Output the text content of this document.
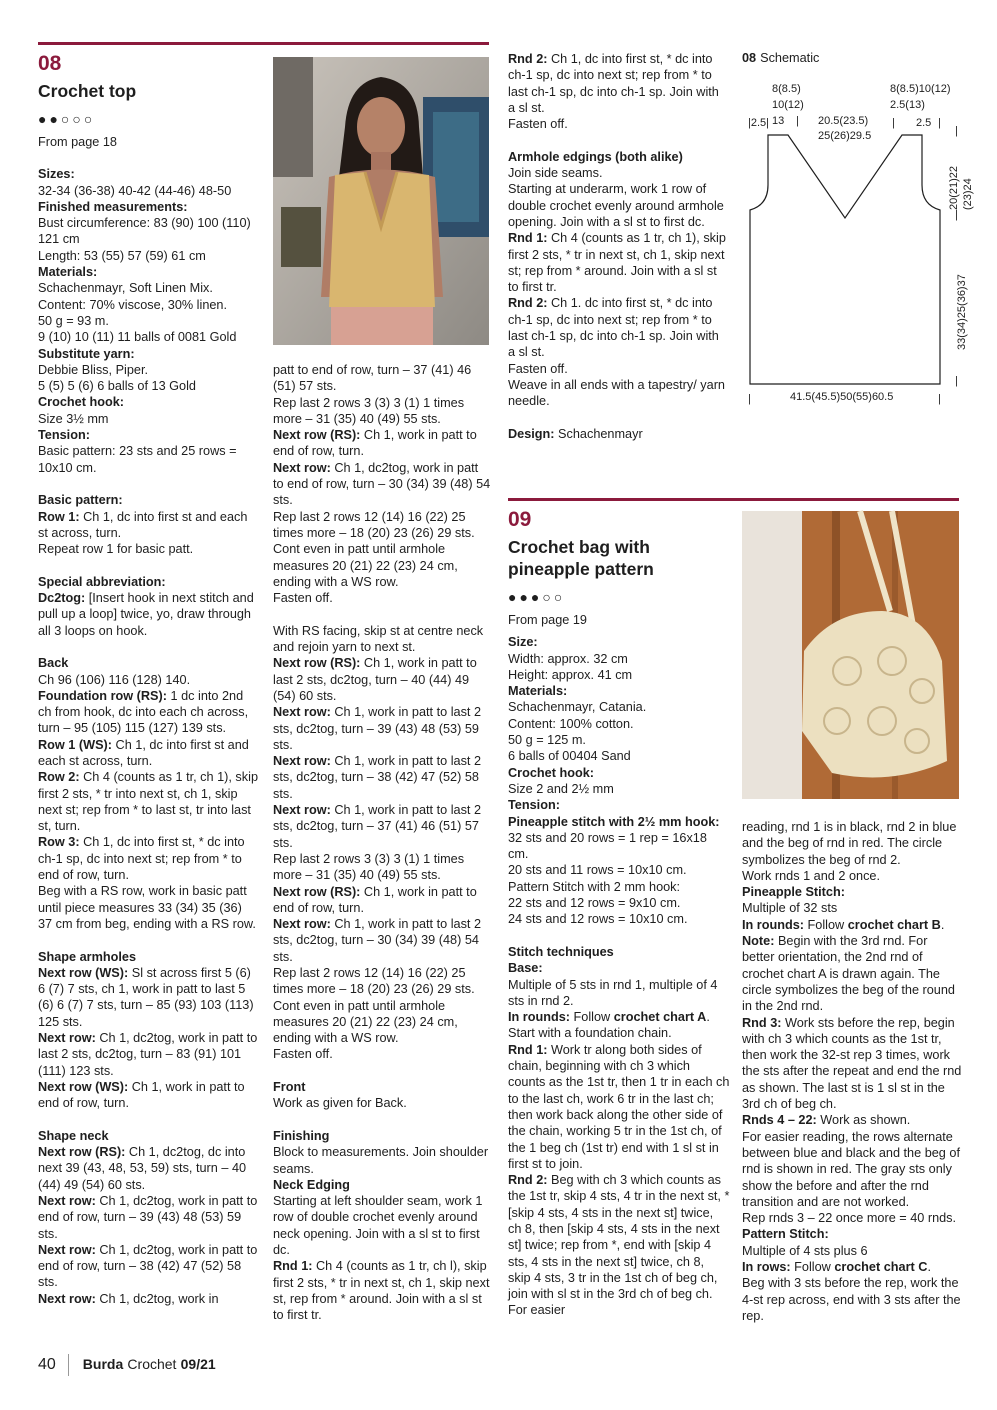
08
Crochet top
●●○○○

From page 18

Sizes:

32-34 (36-38) 40-42 (44-46) 48-50

Finished measurements:

Bust circumference: 83 (90) 100 (110) 121 cm

Length: 53 (55) 57 (59) 61 cm

Materials:

Schachenmayr, Soft Linen Mix.

Content: 70% viscose, 30% linen.

50 g = 93 m.

9 (10) 10 (11) 11 balls of 0081 Gold

Substitute yarn:

Debbie Bliss, Piper.

5 (5) 5 (6) 6 balls of 13 Gold

Crochet hook:

Size 3½ mm

Tension:

Basic pattern: 23 sts and 25 rows = 10x10 cm.

Basic pattern:

Row 1: Ch 1, dc into first st and each st across, turn.

Repeat row 1 for basic patt.

Special abbreviation:

Dc2tog: [Insert hook in next stitch and pull up a loop] twice, yo, draw through all 3 loops on hook.

Back

Ch 96 (106) 116 (128) 140.

Foundation row (RS): 1 dc into 2nd ch from hook, dc into each ch across, turn – 95 (105) 115 (127) 139 sts.

Row 1 (WS): Ch 1, dc into first st and each st across, turn.

Row 2: Ch 4 (counts as 1 tr, ch 1), skip first 2 sts, * tr into next st, ch 1, skip next st; rep from * to last st, tr into last st, turn.

Row 3: Ch 1, dc into first st, * dc into ch-1 sp, dc into next st; rep from * to end of row, turn.

Beg with a RS row, work in basic patt until piece measures 33 (34) 35 (36) 37 cm from beg, ending with a RS row.

Shape armholes

Next row (WS): Sl st across first 5 (6) 6 (7) 7 sts, ch 1, work in patt to last 5 (6) 6 (7) 7 sts, turn – 85 (93) 103 (113) 125 sts.

Next row: Ch 1, dc2tog, work in patt to last 2 sts, dc2tog, turn – 83 (91) 101 (111) 123 sts.

Next row (WS): Ch 1, work in patt to end of row, turn.

Shape neck

Next row (RS): Ch 1, dc2tog, dc into next 39 (43, 48, 53, 59) sts, turn – 40 (44) 49 (54) 60 sts.

Next row: Ch 1, dc2tog, work in patt to end of row, turn – 39 (43) 48 (53) 59 sts.

Next row: Ch 1, dc2tog, work in patt to end of row, turn – 38 (42) 47 (52) 58 sts.

Next row: Ch 1, dc2tog, work in

patt to end of row, turn – 37 (41) 46 (51) 57 sts.

Rep last 2 rows 3 (3) 3 (1) 1 times more – 31 (35) 40 (49) 55 sts.

Next row (RS): Ch 1, work in patt to end of row, turn.

Next row: Ch 1, dc2tog, work in patt to end of row, turn – 30 (34) 39 (48) 54 sts.

Rep last 2 rows 12 (14) 16 (22) 25 times more – 18 (20) 23 (26) 29 sts.

Cont even in patt until armhole measures 20 (21) 22 (23) 24 cm, ending with a WS row.

Fasten off.

With RS facing, skip st at centre neck and rejoin yarn to next st.

Next row (RS): Ch 1, work in patt to last 2 sts, dc2tog, turn – 40 (44) 49 (54) 60 sts.

Next row: Ch 1, work in patt to last 2 sts, dc2tog, turn – 39 (43) 48 (53) 59 sts.

Next row: Ch 1, work in patt to last 2 sts, dc2tog, turn – 38 (42) 47 (52) 58 sts.

Next row: Ch 1, work in patt to last 2 sts, dc2tog, turn – 37 (41) 46 (51) 57 sts.

Rep last 2 rows 3 (3) 3 (1) 1 times more – 31 (35) 40 (49) 55 sts.

Next row (RS): Ch 1, work in patt to end of row, turn.

Next row: Ch 1, work in patt to last 2 sts, dc2tog, turn – 30 (34) 39 (48) 54 sts.

Rep last 2 rows 12 (14) 16 (22) 25 times more – 18 (20) 23 (26) 29 sts.

Cont even in patt until armhole measures 20 (21) 22 (23) 24 cm, ending with a WS row.

Fasten off.

Front

Work as given for Back.

Finishing

Block to measurements. Join shoulder seams.

Neck Edging

Starting at left shoulder seam, work 1 row of double crochet evenly around neck opening. Join with a sl st to first dc.

Rnd 1: Ch 4 (counts as 1 tr, ch l), skip first 2 sts, * tr in next st, ch 1, skip next st, rep from * around. Join with a sl st to first tr.

Rnd 2: Ch 1, dc into first st, * dc into ch-1 sp, dc into next st; rep from * to last ch-1 sp, dc into ch-1 sp. Join with a sl st.

Fasten off.

Armhole edgings (both alike)

Join side seams.

Starting at underarm, work 1 row of double crochet evenly around armhole opening. Join with a sl st to first dc.

Rnd 1: Ch 4 (counts as 1 tr, ch 1), skip first 2 sts, * tr in next st, ch 1, skip next st; rep from * around. Join with a sl st to first tr.

Rnd 2: Ch 1. dc into first st, * dc into ch-1 sp, dc into next st; rep from * to last ch-1 sp, dc into ch-1 sp. Join with a sl st.

Fasten off.

Weave in all ends with a tapestry/ yarn needle.

Design: Schachenmayr

08 Schematic
8(8.5)
10(12)
|2.5| 13 | 20.5(23.5)
25(26)29.5
8(8.5)10(12)
2.5(13)
| 2.5 |
|
20(21)22 (23)24
|
33(34)25(36)37
|
|	41.5(45.5)50(55)60.5	|
09
Crochet bag with pineapple pattern
●●●○○

From page 19

Size:

Width: approx. 32 cm

Height: approx. 41 cm

Materials:

Schachenmayr, Catania.

Content: 100% cotton.

50 g = 125 m.

6 balls of 00404 Sand

Crochet hook:

Size 2 and 2½ mm

Tension:

Pineapple stitch with 2½ mm hook: 32 sts and 20 rows = 1 rep = 16x18 cm.

20 sts and 11 rows = 10x10 cm.

Pattern Stitch with 2 mm hook:

22 sts and 12 rows = 9x10 cm.

24 sts and 12 rows = 10x10 cm.

Stitch techniques

Base:

Multiple of 5 sts in rnd 1, multiple of 4 sts in rnd 2.

In rounds: Follow crochet chart A.

Start with a foundation chain.

Rnd 1: Work tr along both sides of chain, beginning with ch 3 which counts as the 1st tr, then 1 tr in each ch to the last ch, work 6 tr in the last ch; then work back along the other side of the chain, working 5 tr in the 1st ch, of the 1 beg ch (1st tr) end with 1 sl st in first st to join.

Rnd 2: Beg with ch 3 which counts as the 1st tr, skip 4 sts, 4 tr in the next st, * [skip 4 sts, 4 sts in the next st] twice, ch 8, then [skip 4 sts, 4 sts in the next st] twice; rep from *, end with [skip 4 sts, 4 sts in the next st] twice, ch 8, skip 4 sts, 3 tr in the 1st ch of beg ch, join with sl st in the 3rd ch of beg ch. For easier

reading, rnd 1 is in black, rnd 2 in blue and the beg of rnd in red. The circle symbolizes the beg of rnd 2.

Work rnds 1 and 2 once.

Pineapple Stitch:

Multiple of 32 sts

In rounds: Follow crochet chart B.

Note: Begin with the 3rd rnd. For better orientation, the 2nd rnd of crochet chart A is drawn again. The circle symbolizes the beg of the round in the 2nd rnd.

Rnd 3: Work sts before the rep, begin with ch 3 which counts as the 1st tr, then work the 32-st rep 3 times, work the sts after the repeat and end the rnd as shown. The last st is 1 sl st in the 3rd ch of beg ch.

Rnds 4 – 22: Work as shown.

For easier reading, the rows alternate between blue and black and the beg of rnd is shown in red. The gray sts only show the before and after the rnd transition and are not worked.

Rep rnds 3 – 22 once more = 40 rnds.

Pattern Stitch:

Multiple of 4 sts plus 6

In rows: Follow crochet chart C.

Beg with 3 sts before the rep, work the 4-st rep across, end with 3 sts after the rep.

40 Burda Crochet 09/21
